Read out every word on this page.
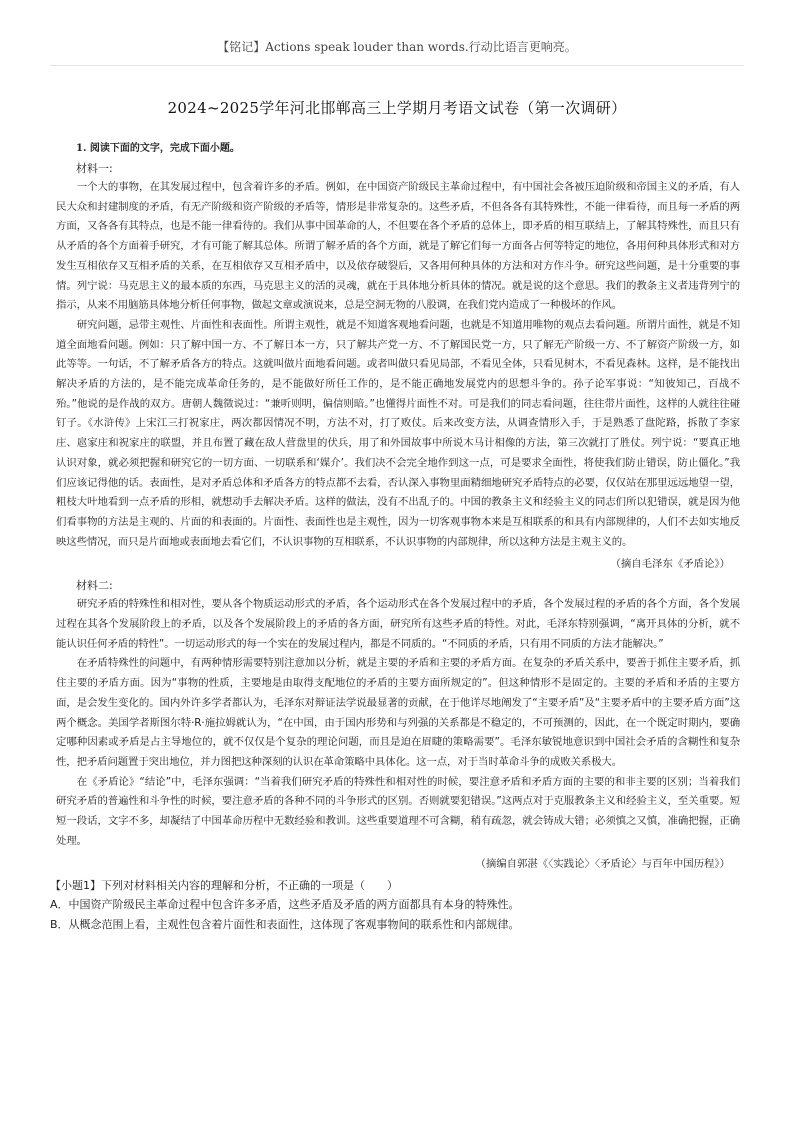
【铭记】Actions speak louder than words.行动比语言更响亮。
2024~2025学年河北邯郸高三上学期月考语文试卷（第一次调研）

1. 阅读下面的文字，完成下面小题。

材料一:

一个大的事物，在其发展过程中，包含着许多的矛盾。例如，在中国资产阶级民主革命过程中，有中国社会各被压迫阶级和帝国主义的矛盾，有人民大众和封建制度的矛盾，有无产阶级和资产阶级的矛盾等，情形是非常复杂的。这些矛盾，不但各各有其特殊性，不能一律看待，而且每一矛盾的两方面，又各各有其特点，也是不能一律看待的。我们从事中国革命的人，不但要在各个矛盾的总体上，即矛盾的相互联结上，了解其特殊性，而且只有从矛盾的各个方面着手研究，才有可能了解其总体。所谓了解矛盾的各个方面，就是了解它们每一方面各占何等特定的地位，各用何种具体形式和对方发生互相依存又互相矛盾的关系，在互相依存又互相矛盾中，以及依存破裂后，又各用何种具体的方法和对方作斗争。研究这些问题，是十分重要的事情。列宁说：马克思主义的最本质的东西，马克思主义的活的灵魂，就在于具体地分析具体的情况。就是说的这个意思。我们的教条主义者违背列宁的指示，从来不用脑筋具体地分析任何事物，做起文章或演说来，总是空洞无物的八股调，在我们党内造成了一种极坏的作风。

研究问题，忌带主观性、片面性和表面性。所谓主观性，就是不知道客观地看问题，也就是不知道用唯物的观点去看问题。所谓片面性，就是不知道全面地看问题。例如：只了解中国一方、不了解日本一方，只了解共产党一方、不了解国民党一方，只了解无产阶级一方、不了解资产阶级一方，如此等等。一句话，不了解矛盾各方的特点。这就叫做片面地看问题。或者叫做只看见局部，不看见全体，只看见树木，不看见森林。这样，是不能找出解决矛盾的方法的，是不能完成革命任务的，是不能做好所任工作的，是不能正确地发展党内的思想斗争的。孙子论军事说：“知彼知己，百战不殆。”他说的是作战的双方。唐朝人魏徵说过：“兼听则明，偏信则暗。”也懂得片面性不对。可是我们的同志看问题，往往带片面性，这样的人就往往碰钉子。《水浒传》上宋江三打祝家庄，两次都因情况不明，方法不对，打了败仗。后来改变方法，从调查情形入手，于是熟悉了盘陀路，拆散了李家庄、扈家庄和祝家庄的联盟，并且布置了藏在敌人营盘里的伏兵，用了和外国故事中所说木马计相像的方法，第三次就打了胜仗。列宁说：“要真正地认识对象，就必须把握和研究它的一切方面、一切联系和‘媒介’。我们决不会完全地作到这一点，可是要求全面性，将使我们防止错误，防止僵化。”我们应该记得他的话。表面性，是对矛盾总体和矛盾各方的特点都不去看，否认深入事物里面精细地研究矛盾特点的必要，仅仅站在那里远远地望一望，粗枝大叶地看到一点矛盾的形相，就想动手去解决矛盾。这样的做法，没有不出乱子的。中国的教条主义和经验主义的同志们所以犯错误，就是因为他们看事物的方法是主观的、片面的和表面的。片面性、表面性也是主观性，因为一切客观事物本来是互相联系的和具有内部规律的，人们不去如实地反映这些情况，而只是片面地或表面地去看它们，不认识事物的互相联系，不认识事物的内部规律，所以这种方法是主观主义的。

（摘自毛泽东《矛盾论》）

材料二:

研究矛盾的特殊性和相对性，要从各个物质运动形式的矛盾，各个运动形式在各个发展过程中的矛盾，各个发展过程的矛盾的各个方面，各个发展过程在其各个发展阶段上的矛盾，以及各个发展阶段上的矛盾的各方面，研究所有这些矛盾的特性。对此，毛泽东特别强调，“离开具体的分析，就不能认识任何矛盾的特性”。一切运动形式的每一个实在的发展过程内，都是不同质的。“不同质的矛盾，只有用不同质的方法才能解决。”

在矛盾特殊性的问题中，有两种情形需要特别注意加以分析，就是主要的矛盾和主要的矛盾方面。在复杂的矛盾关系中，要善于抓住主要矛盾，抓住主要的矛盾方面。因为“事物的性质，主要地是由取得支配地位的矛盾的主要方面所规定的”。但这种情形不是固定的。主要的矛盾和矛盾的主要方面，是会发生变化的。国内外许多学者都认为，毛泽东对辩证法学说最显著的贡献，在于他详尽地阐发了“主要矛盾”及“主要矛盾中的主要矛盾方面”这两个概念。美国学者斯图尔特·R·施拉姆就认为，“在中国，由于国内形势和与列强的关系都是不稳定的，不可预测的，因此，在一个既定时期内，要确定哪种因素或矛盾是占主导地位的，就不仅仅是个复杂的理论问题，而且是迫在眉睫的策略需要”。毛泽东敏锐地意识到中国社会矛盾的含糊性和复杂性，把矛盾问题置于突出地位，并力图把这种深刻的认识在革命策略中具体化。这一点，对于当时革命斗争的成败关系极大。

在《矛盾论》“结论”中，毛泽东强调：“当着我们研究矛盾的特殊性和相对性的时候，要注意矛盾和矛盾方面的主要的和非主要的区别；当着我们研究矛盾的普遍性和斗争性的时候，要注意矛盾的各种不同的斗争形式的区别。否则就要犯错误。”这两点对于克服教条主义和经验主义，至关重要。短短一段话，文字不多，却凝结了中国革命历程中无数经验和教训。这些重要道理不可含糊，稍有疏忽，就会铸成大错；必须慎之又慎，准确把握，正确处理。

（摘编自郭湛《〈实践论〉〈矛盾论〉与百年中国历程》）

【小题1】下列对材料相关内容的理解和分析，不正确的一项是（　　）

A．中国资产阶级民主革命过程中包含许多矛盾，这些矛盾及矛盾的两方面都具有本身的特殊性。

B．从概念范围上看，主观性包含着片面性和表面性，这体现了客观事物间的联系性和内部规律。
